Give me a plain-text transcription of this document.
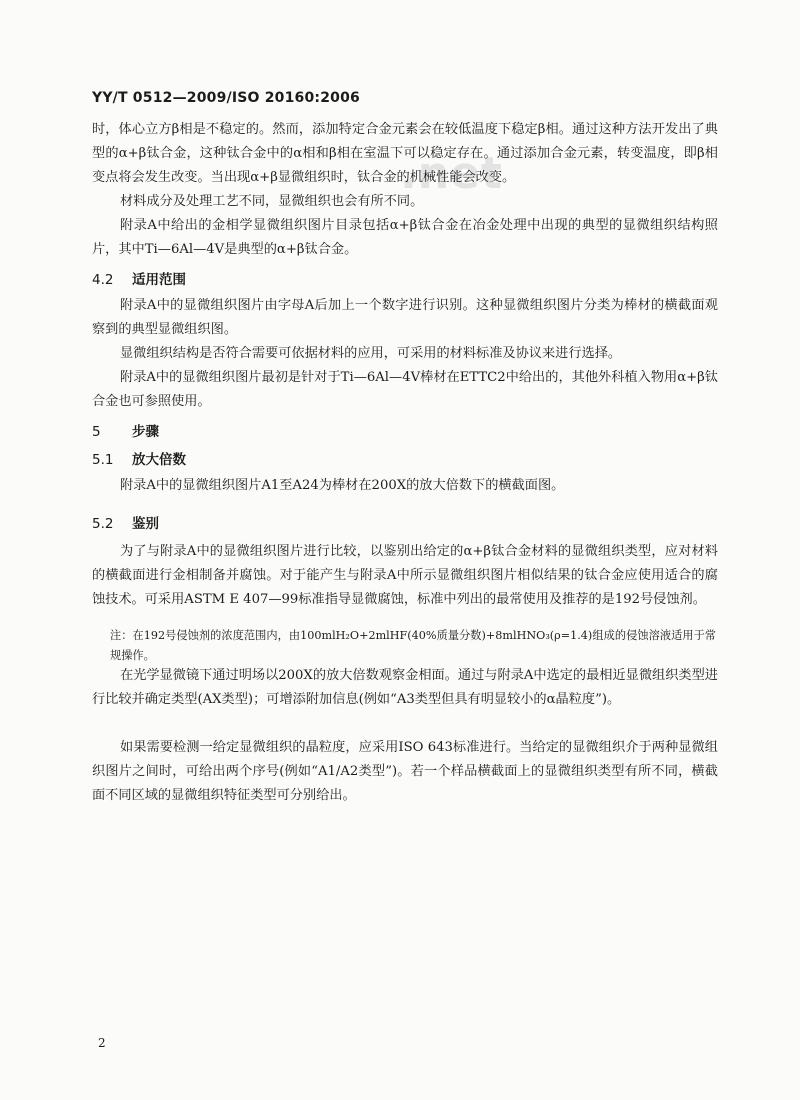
.net
YY/T 0512—2009/ISO 20160:2006

时，体心立方β相是不稳定的。然而，添加特定合金元素会在较低温度下稳定β相。通过这种方法开发出了典型的α+β钛合金，这种钛合金中的α相和β相在室温下可以稳定存在。通过添加合金元素，转变温度，即β相变点将会发生改变。当出现α+β显微组织时，钛合金的机械性能会改变。

材料成分及处理工艺不同，显微组织也会有所不同。

附录A中给出的金相学显微组织图片目录包括α+β钛合金在冶金处理中出现的典型的显微组织结构照片，其中Ti—6Al—4V是典型的α+β钛合金。

4.2 适用范围

附录A中的显微组织图片由字母A后加上一个数字进行识别。这种显微组织图片分类为棒材的横截面观察到的典型显微组织图。

显微组织结构是否符合需要可依据材料的应用，可采用的材料标准及协议来进行选择。

附录A中的显微组织图片最初是针对于Ti—6Al—4V棒材在ETTC2中给出的，其他外科植入物用α+β钛合金也可参照使用。

5 步骤
5.1 放大倍数

附录A中的显微组织图片A1至A24为棒材在200X的放大倍数下的横截面图。

5.2 鉴别

为了与附录A中的显微组织图片进行比较，以鉴别出给定的α+β钛合金材料的显微组织类型，应对材料的横截面进行金相制备并腐蚀。对于能产生与附录A中所示显微组织图片相似结果的钛合金应使用适合的腐蚀技术。可采用ASTM E 407—99标准指导显微腐蚀，标准中列出的最常使用及推荐的是192号侵蚀剂。

注：在192号侵蚀剂的浓度范围内，由100mlH₂O+2mlHF(40%质量分数)+8mlHNO₃(ρ=1.4)组成的侵蚀溶液适用于常规操作。

在光学显微镜下通过明场以200X的放大倍数观察金相面。通过与附录A中选定的最相近显微组织类型进行比较并确定类型(AX类型)；可增添附加信息(例如“A3类型但具有明显较小的α晶粒度”)。

如果需要检测一给定显微组织的晶粒度，应采用ISO 643标准进行。当给定的显微组织介于两种显微组织图片之间时，可给出两个序号(例如“A1/A2类型”)。若一个样品横截面上的显微组织类型有所不同，横截面不同区域的显微组织特征类型可分别给出。

2
